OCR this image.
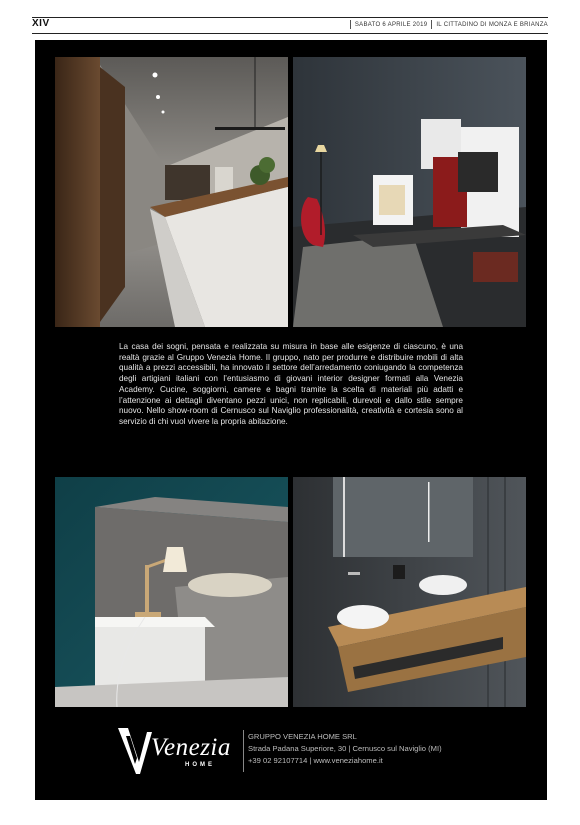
XIV	SABATO 6 APRILE 2019 IL CITTADINO DI MONZA E BRIANZA
La casa dei sogni, pensata e realizzata su misura in base alle esigenze di ciascuno, è una realtà grazie al Gruppo Venezia Home. Il gruppo, nato per produrre e distribuire mobili di alta qualità a prezzi accessibili, ha innovato il settore dell’arredamento coniugando la competenza degli artigiani italiani con l’entusiasmo di giovani interior designer formati alla Venezia Academy. Cucine, soggiorni, camere e bagni tramite la scelta di materiali più adatti e l’attenzione ai dettagli diventano pezzi unici, non replicabili, durevoli e dallo stile sempre nuovo. Nello show-room di Cernusco sul Naviglio professionalità, creatività e cortesia sono al servizio di chi vuol vivere la propria abitazione.
Venezia
HOME
GRUPPO VENEZIA HOME SRL
Strada Padana Superiore, 30 | Cernusco sul Naviglio (MI)
+39 02 92107714 | www.veneziahome.it
